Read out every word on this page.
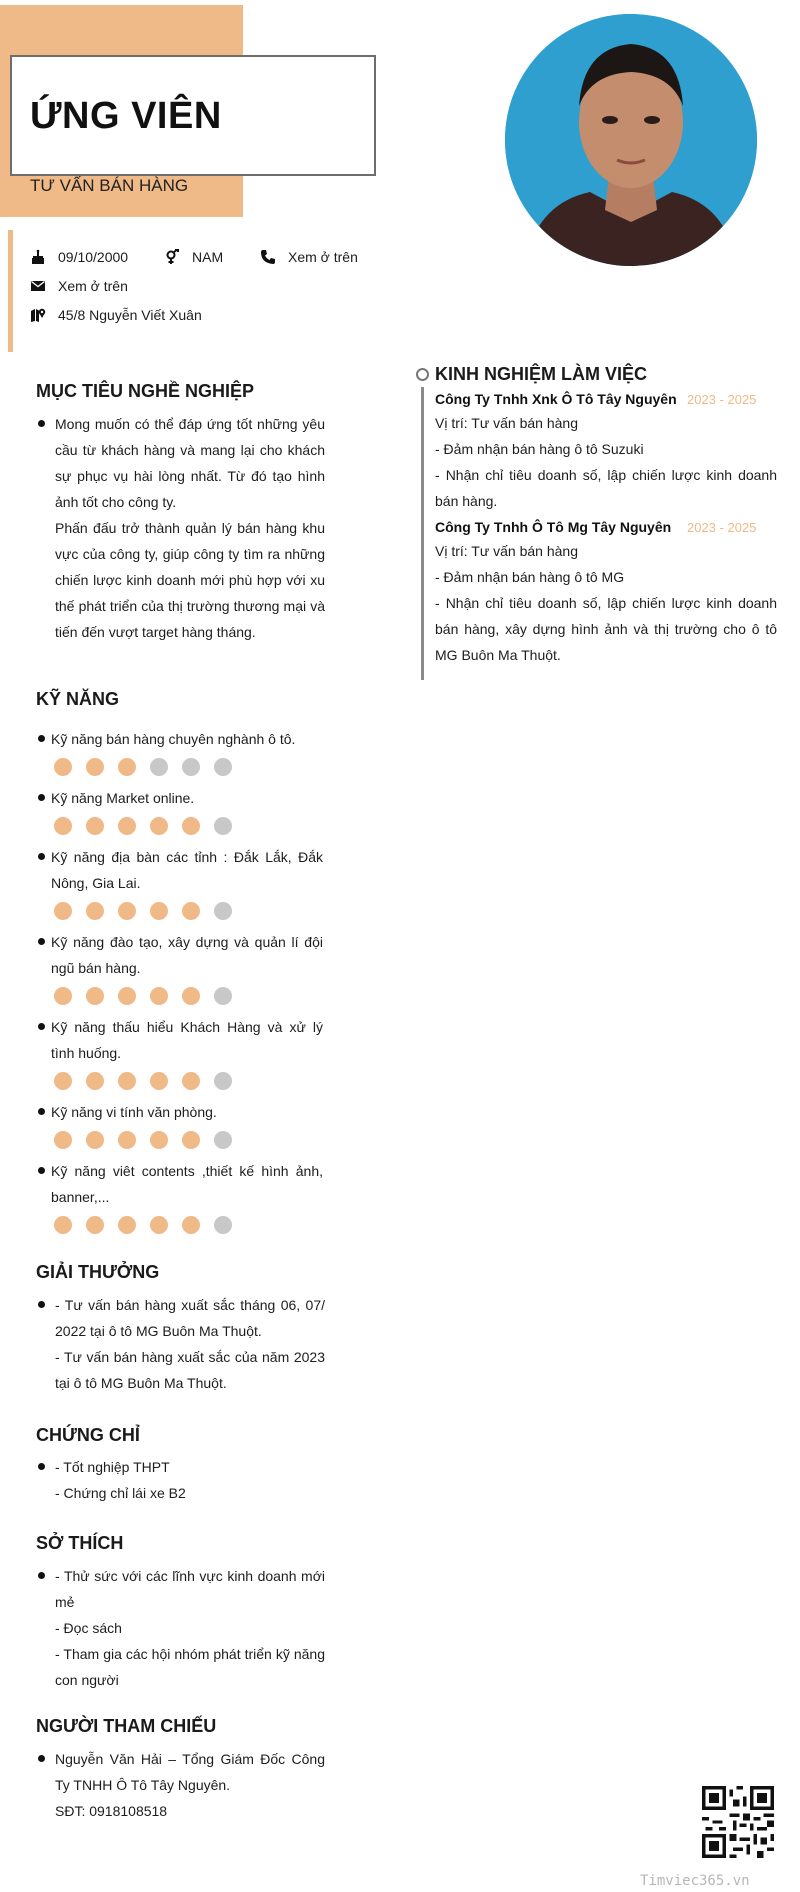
ỨNG VIÊN
TƯ VẤN BÁN HÀNG
09/10/2000	NAM	Xem ở trên
Xem ở trên
45/8 Nguyễn Viết Xuân
MỤC TIÊU NGHỀ NGHIỆP
Mong muốn có thể đáp ứng tốt những yêu cầu từ khách hàng và mang lại cho khách sự phục vụ hài lòng nhất. Từ đó tạo hình ảnh tốt cho công ty.
Phấn đấu trở thành quản lý bán hàng khu vực của công ty, giúp công ty tìm ra những chiến lược kinh doanh mới phù hợp với xu thế phát triển của thị trường thương mại và tiến đến vượt target hàng tháng.
KỸ NĂNG
Kỹ năng bán hàng chuyên nghành ô tô.
Kỹ năng Market online.
Kỹ năng địa bàn các tỉnh : Đắk Lắk, Đắk Nông, Gia Lai.
Kỹ năng đào tạo, xây dựng và quản lí đội ngũ bán hàng.
Kỹ năng thấu hiểu Khách Hàng và xử lý tình huống.
Kỹ năng vi tính văn phòng.
Kỹ năng viêt contents ,thiết kế hình ảnh, banner,...
GIẢI THƯỞNG
- Tư vấn bán hàng xuất sắc tháng 06, 07/ 2022 tại ô tô MG Buôn Ma Thuột.
- Tư vấn bán hàng xuất sắc của năm 2023 tại ô tô MG Buôn Ma Thuột.
CHỨNG CHỈ
- Tốt nghiệp THPT
- Chứng chỉ lái xe B2
SỞ THÍCH
- Thử sức với các lĩnh vực kinh doanh mới mẻ
- Đọc sách
- Tham gia các hội nhóm phát triển kỹ năng con người
NGƯỜI THAM CHIẾU
Nguyễn Văn Hải – Tổng Giám Đốc Công Ty TNHH Ô Tô Tây Nguyên.
SĐT: 0918108518
KINH NGHIỆM LÀM VIỆC
Công Ty Tnhh Xnk Ô Tô Tây Nguyên 2023 - 2025
Vị trí: Tư vấn bán hàng
- Đảm nhận bán hàng ô tô Suzuki
- Nhận chỉ tiêu doanh số, lập chiến lược kinh doanh bán hàng.
Công Ty Tnhh Ô Tô Mg Tây Nguyên 2023 - 2025
Vị trí: Tư vấn bán hàng
- Đảm nhận bán hàng ô tô MG
- Nhận chỉ tiêu doanh số, lập chiến lược kinh doanh bán hàng, xây dựng hình ảnh và thị trường cho ô tô MG Buôn Ma Thuột.
Timviec365.vn
